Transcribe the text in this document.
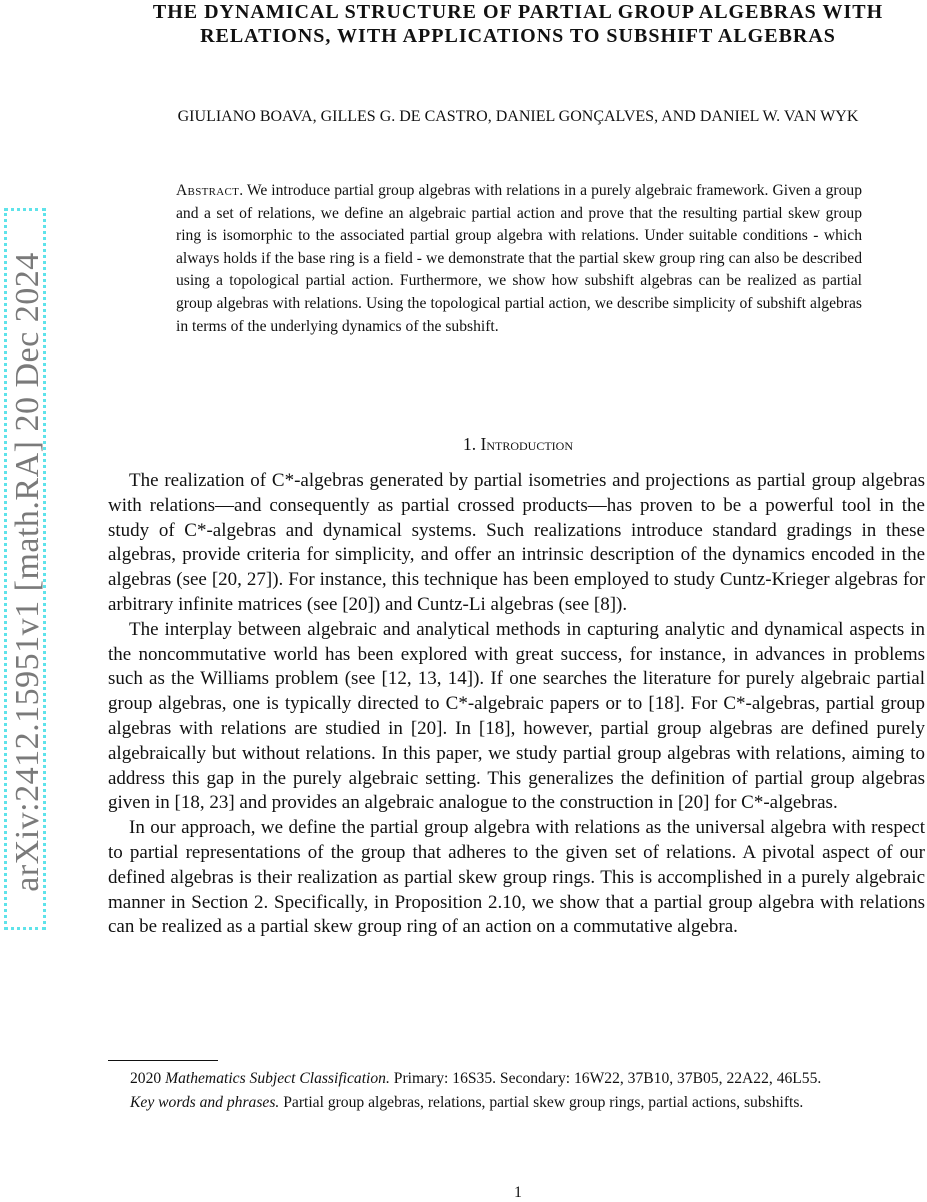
arXiv:2412.15951v1 [math.RA] 20 Dec 2024
THE DYNAMICAL STRUCTURE OF PARTIAL GROUP ALGEBRAS WITH RELATIONS, WITH APPLICATIONS TO SUBSHIFT ALGEBRAS
GIULIANO BOAVA, GILLES G. DE CASTRO, DANIEL GONÇALVES, AND DANIEL W. VAN WYK
Abstract. We introduce partial group algebras with relations in a purely algebraic framework. Given a group and a set of relations, we define an algebraic partial action and prove that the resulting partial skew group ring is isomorphic to the associated partial group algebra with relations. Under suitable conditions - which always holds if the base ring is a field - we demonstrate that the partial skew group ring can also be described using a topological partial action. Furthermore, we show how subshift algebras can be realized as partial group algebras with relations. Using the topological partial action, we describe simplicity of subshift algebras in terms of the underlying dynamics of the subshift.
1. Introduction

The realization of C*-algebras generated by partial isometries and projections as partial group algebras with relations—and consequently as partial crossed products—has proven to be a powerful tool in the study of C*-algebras and dynamical systems. Such realizations introduce standard gradings in these algebras, provide criteria for simplicity, and offer an intrinsic description of the dynamics encoded in the algebras (see [20, 27]). For instance, this technique has been employed to study Cuntz-Krieger algebras for arbitrary infinite matrices (see [20]) and Cuntz-Li algebras (see [8]).

The interplay between algebraic and analytical methods in capturing analytic and dynamical aspects in the noncommutative world has been explored with great success, for instance, in advances in problems such as the Williams problem (see [12, 13, 14]). If one searches the literature for purely algebraic partial group algebras, one is typically directed to C*-algebraic papers or to [18]. For C*-algebras, partial group algebras with relations are studied in [20]. In [18], however, partial group algebras are defined purely algebraically but without relations. In this paper, we study partial group algebras with relations, aiming to address this gap in the purely algebraic setting. This generalizes the definition of partial group algebras given in [18, 23] and provides an algebraic analogue to the construction in [20] for C*-algebras.

In our approach, we define the partial group algebra with relations as the universal algebra with respect to partial representations of the group that adheres to the given set of relations. A pivotal aspect of our defined algebras is their realization as partial skew group rings. This is accomplished in a purely algebraic manner in Section 2. Specifically, in Proposition 2.10, we show that a partial group algebra with relations can be realized as a partial skew group ring of an action on a commutative algebra.

2020 Mathematics Subject Classification. Primary: 16S35. Secondary: 16W22, 37B10, 37B05, 22A22, 46L55.

Key words and phrases. Partial group algebras, relations, partial skew group rings, partial actions, subshifts.

1
